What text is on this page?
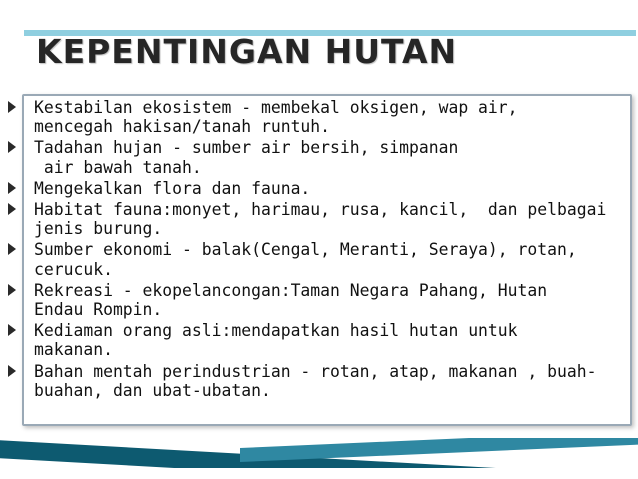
KEPENTINGAN HUTAN
Kestabilan ekosistem - membekal oksigen, wap air,
mencegah hakisan/tanah runtuh.
Tadahan hujan - sumber air bersih, simpanan
air bawah tanah.
Mengekalkan flora dan fauna.
Habitat fauna:monyet, harimau, rusa, kancil,  dan pelbagai
jenis burung.
Sumber ekonomi - balak(Cengal, Meranti, Seraya), rotan,
cerucuk.
Rekreasi - ekopelancongan:Taman Negara Pahang, Hutan
Endau Rompin.
Kediaman orang asli:mendapatkan hasil hutan untuk
makanan.
Bahan mentah perindustrian - rotan, atap, makanan , buah-
buahan, dan ubat-ubatan.
